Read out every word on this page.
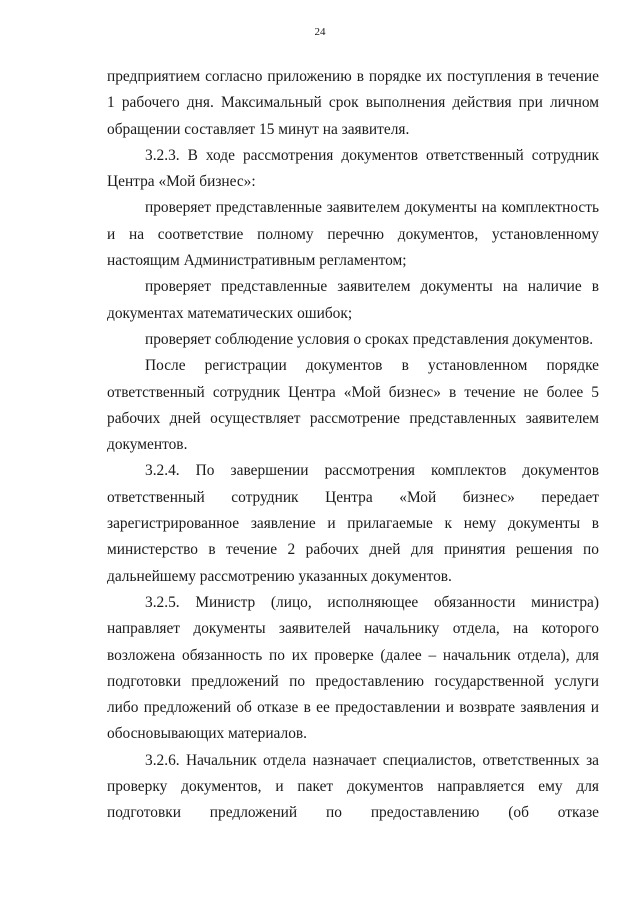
24

предприятием согласно приложению в порядке их поступления в течение 1 рабочего дня. Максимальный срок выполнения действия при личном обращении составляет 15 минут на заявителя.

3.2.3. В ходе рассмотрения документов ответственный сотрудник Центра «Мой бизнес»:

проверяет представленные заявителем документы на комплектность и на соответствие полному перечню документов, установленному настоящим Административным регламентом;

проверяет представленные заявителем документы на наличие в документах математических ошибок;

проверяет соблюдение условия о сроках представления документов.

После регистрации документов в установленном порядке ответственный сотрудник Центра «Мой бизнес» в течение не более 5 рабочих дней осуществляет рассмотрение представленных заявителем документов.

3.2.4. По завершении рассмотрения комплектов документов ответственный сотрудник Центра «Мой бизнес» передает зарегистрированное заявление и прилагаемые к нему документы в министерство в течение 2 рабочих дней для принятия решения по дальнейшему рассмотрению указанных документов.

3.2.5. Министр (лицо, исполняющее обязанности министра) направляет документы заявителей начальнику отдела, на которого возложена обязанность по их проверке (далее – начальник отдела), для подготовки предложений по предоставлению государственной услуги либо предложений об отказе в ее предоставлении и возврате заявления и обосновывающих материалов.

3.2.6. Начальник отдела назначает специалистов, ответственных за проверку документов, и пакет документов направляется ему для подготовки предложений по предоставлению (об отказе
